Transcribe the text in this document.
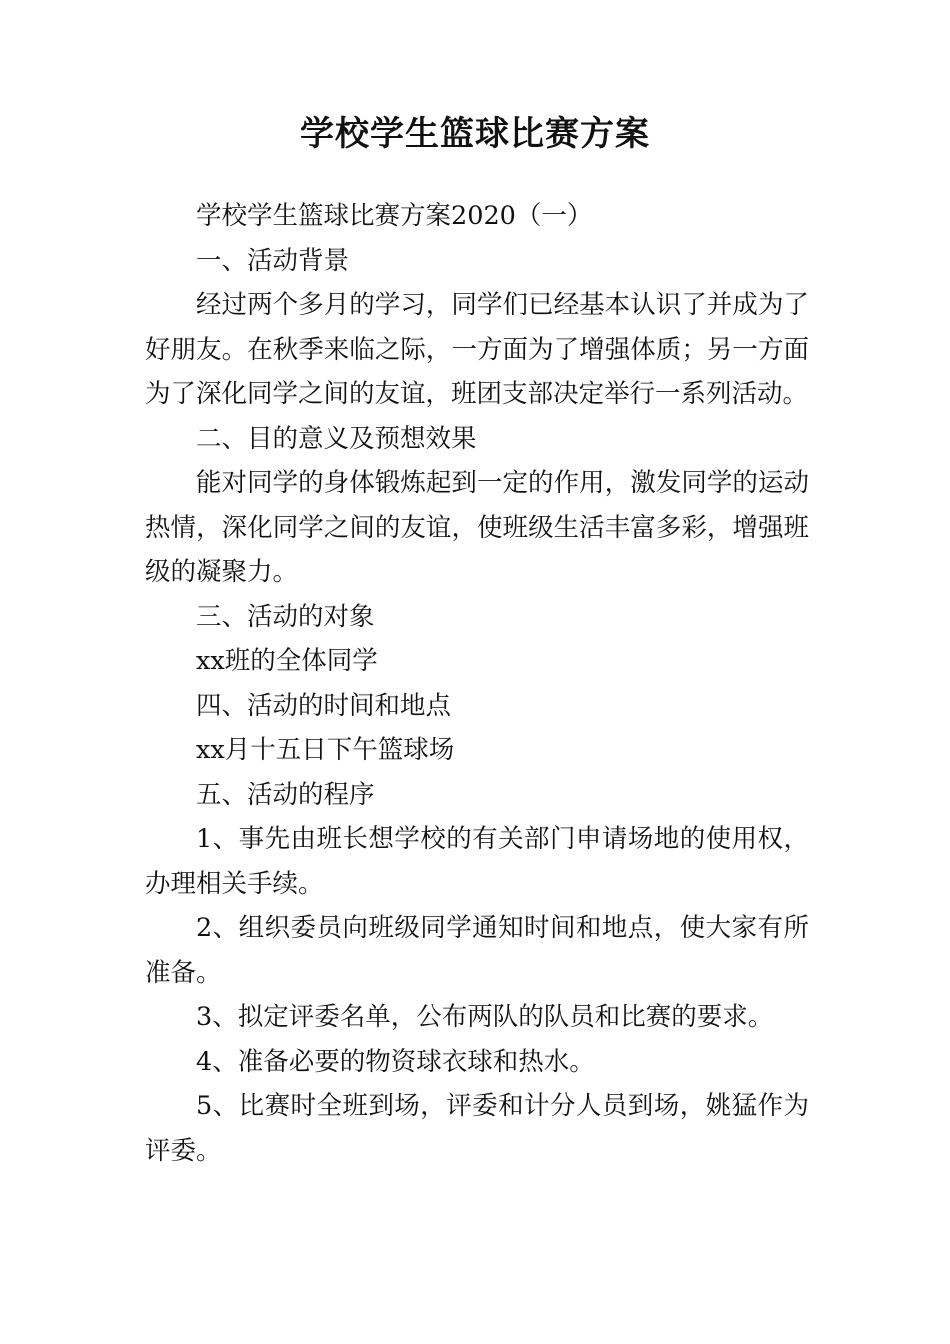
学校学生篮球比赛方案

学校学生篮球比赛方案2020（一）

一、活动背景

经过两个多月的学习，同学们已经基本认识了并成为了好朋友。在秋季来临之际，一方面为了增强体质；另一方面为了深化同学之间的友谊，班团支部决定举行一系列活动。

二、目的意义及预想效果

能对同学的身体锻炼起到一定的作用，激发同学的运动热情，深化同学之间的友谊，使班级生活丰富多彩，增强班级的凝聚力。

三、活动的对象

xx班的全体同学

四、活动的时间和地点

xx月十五日下午篮球场

五、活动的程序

1、事先由班长想学校的有关部门申请场地的使用权，办理相关手续。

2、组织委员向班级同学通知时间和地点，使大家有所准备。

3、拟定评委名单，公布两队的队员和比赛的要求。

4、准备必要的物资球衣球和热水。

5、比赛时全班到场，评委和计分人员到场，姚猛作为评委。
